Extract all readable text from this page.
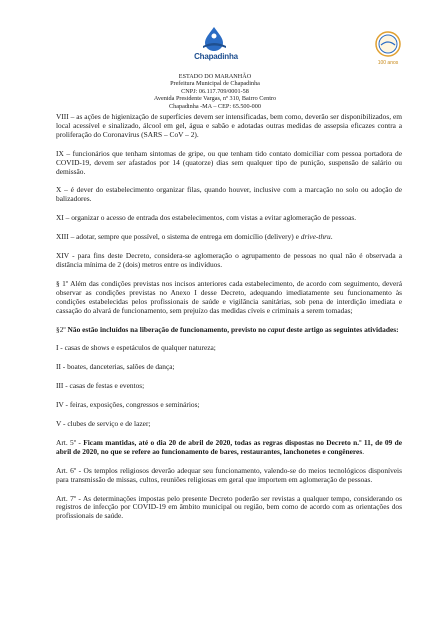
Chapadinha
100 anos
ESTADO DO MARANHÃO
Prefeitura Municipal de Chapadinha
CNPJ: 06.117.709/0001-58
Avenida Presidente Vargas, nº 310, Bairro Centro
Chapadinha -MA – CEP: 65.500-000

VIII – as ações de higienização de superfícies devem ser intensificadas, bem como, deverão ser disponibilizados, em local acessível e sinalizado, álcool em gel, água e sabão e adotadas outras medidas de assepsia eficazes contra a proliferação do Coronavírus (SARS – CoV – 2).

IX – funcionários que tenham sintomas de gripe, ou que tenham tido contato domiciliar com pessoa portadora de COVID-19, devem ser afastados por 14 (quatorze) dias sem qualquer tipo de punição, suspensão de salário ou demissão.

X – é dever do estabelecimento organizar filas, quando houver, inclusive com a marcação no solo ou adoção de balizadores.

XI – organizar o acesso de entrada dos estabelecimentos, com vistas a evitar aglomeração de pessoas.

XIII – adotar, sempre que possível, o sistema de entrega em domicílio (delivery) e drive-thru.

XIV - para fins deste Decreto, considera-se aglomeração o agrupamento de pessoas no qual não é observada a distância mínima de 2 (dois) metros entre os indivíduos.

§ 1º Além das condições previstas nos incisos anteriores cada estabelecimento, de acordo com seguimento, deverá observar as condições previstas no Anexo I desse Decreto, adequando imediatamente seu funcionamento às condições estabelecidas pelos profissionais de saúde e vigilância sanitárias, sob pena de interdição imediata e cassação do alvará de funcionamento, sem prejuízo das medidas cíveis e criminais a serem tomadas;

§2º Não estão incluídos na liberação de funcionamento, previsto no caput deste artigo as seguintes atividades:

I - casas de shows e espetáculos de qualquer natureza;

II - boates, danceterias, salões de dança;

III - casas de festas e eventos;

IV - feiras, exposições, congressos e seminários;

V - clubes de serviço e de lazer;

Art. 5º - Ficam mantidas, até o dia 20 de abril de 2020, todas as regras dispostas no Decreto n.º 11, de 09 de abril de 2020, no que se refere ao funcionamento de bares, restaurantes, lanchonetes e congêneres.

Art. 6º - Os templos religiosos deverão adequar seu funcionamento, valendo-se do meios tecnológicos disponíveis para transmissão de missas, cultos, reuniões religiosas em geral que importem em aglomeração de pessoas.

Art. 7º - As determinações impostas pelo presente Decreto poderão ser revistas a qualquer tempo, considerando os registros de infecção por COVID-19 em âmbito municipal ou região, bem como de acordo com as orientações dos profissionais de saúde.
